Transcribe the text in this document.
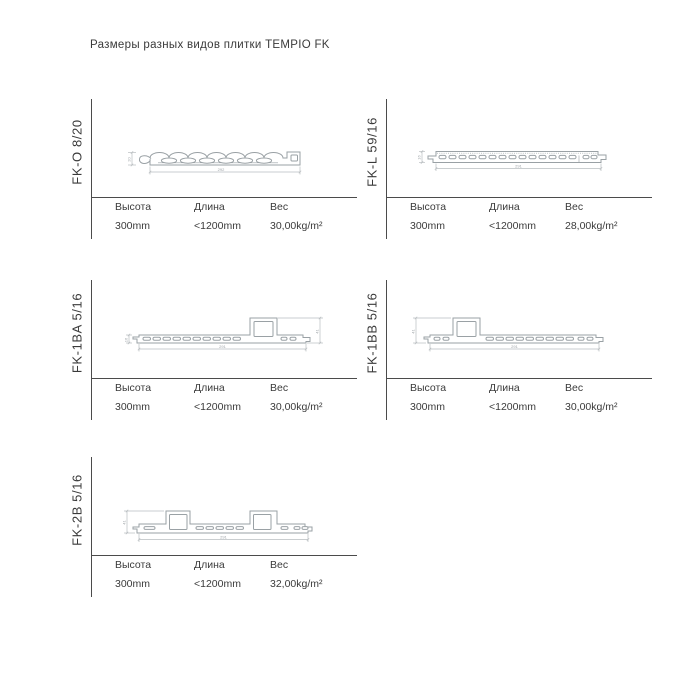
Размеры разных видов плитки TEMPIO FK
FK-O 8/20	20
292
Высота	Длина	Вес
300mm	<1200mm	30,00kg/m²
FK-L 59/16	16
291
Высота	Длина	Вес
300mm	<1200mm	28,00kg/m²
FK-1BA 5/16	16
41
291
Высота	Длина	Вес
300mm	<1200mm	30,00kg/m²
FK-1BB 5/16	41
291
Высота	Длина	Вес
300mm	<1200mm	30,00kg/m²
FK-2B 5/16	41
291
Высота	Длина	Вес
300mm	<1200mm	32,00kg/m²
